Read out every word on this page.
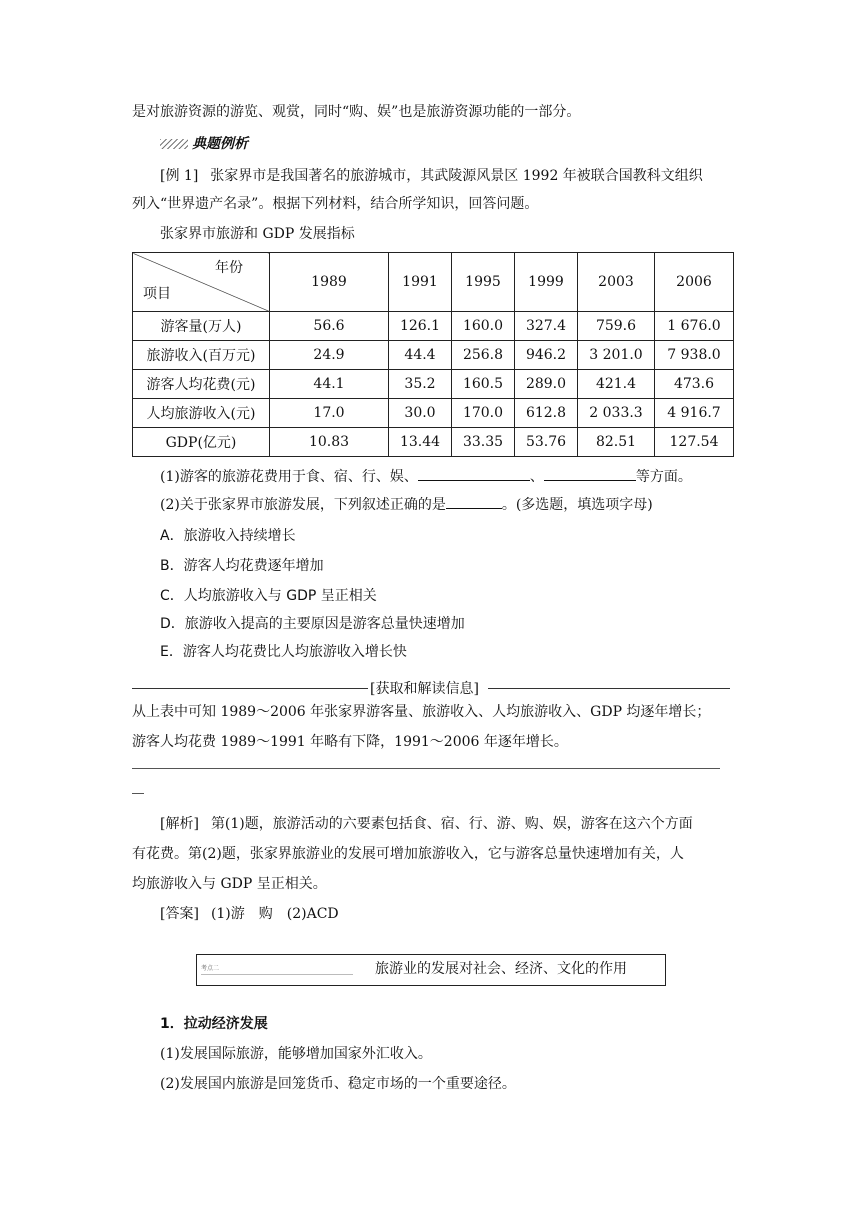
是对旅游资源的游览、观赏，同时“购、娱”也是旅游资源功能的一部分。
典题例析
[例 1] 张家界市是我国著名的旅游城市，其武陵源风景区 1992 年被联合国教科文组织
列入“世界遗产名录”。根据下列材料，结合所学知识，回答问题。
张家界市旅游和 GDP 发展指标
年份
项目	1989	1991	1995	1999	2003	2006
游客量(万人)	56.6	126.1	160.0	327.4	759.6	1 676.0
旅游收入(百万元)	24.9	44.4	256.8	946.2	3 201.0	7 938.0
游客人均花费(元)	44.1	35.2	160.5	289.0	421.4	473.6
人均旅游收入(元)	17.0	30.0	170.0	612.8	2 033.3	4 916.7
GDP(亿元)	10.83	13.44	33.35	53.76	82.51	127.54
(1)游客的旅游花费用于食、宿、行、娱、	、	等方面。
(2)关于张家界市旅游发展，下列叙述正确的是	。(多选题，填选项字母)
A．旅游收入持续增长
B．游客人均花费逐年增加
C．人均旅游收入与 GDP 呈正相关
D．旅游收入提高的主要原因是游客总量快速增加
E．游客人均花费比人均旅游收入增长快
[获取和解读信息]
从上表中可知 1989～2006 年张家界游客量、旅游收入、人均旅游收入、GDP 均逐年增长；
游客人均花费 1989～1991 年略有下降，1991～2006 年逐年增长。
[解析] 第(1)题，旅游活动的六要素包括食、宿、行、游、购、娱，游客在这六个方面
有花费。第(2)题，张家界旅游业的发展可增加旅游收入，它与游客总量快速增加有关，人
均旅游收入与 GDP 呈正相关。
[答案] (1)游　购　(2)ACD
考点二	旅游业的发展对社会、经济、文化的作用
1．拉动经济发展
(1)发展国际旅游，能够增加国家外汇收入。
(2)发展国内旅游是回笼货币、稳定市场的一个重要途径。
